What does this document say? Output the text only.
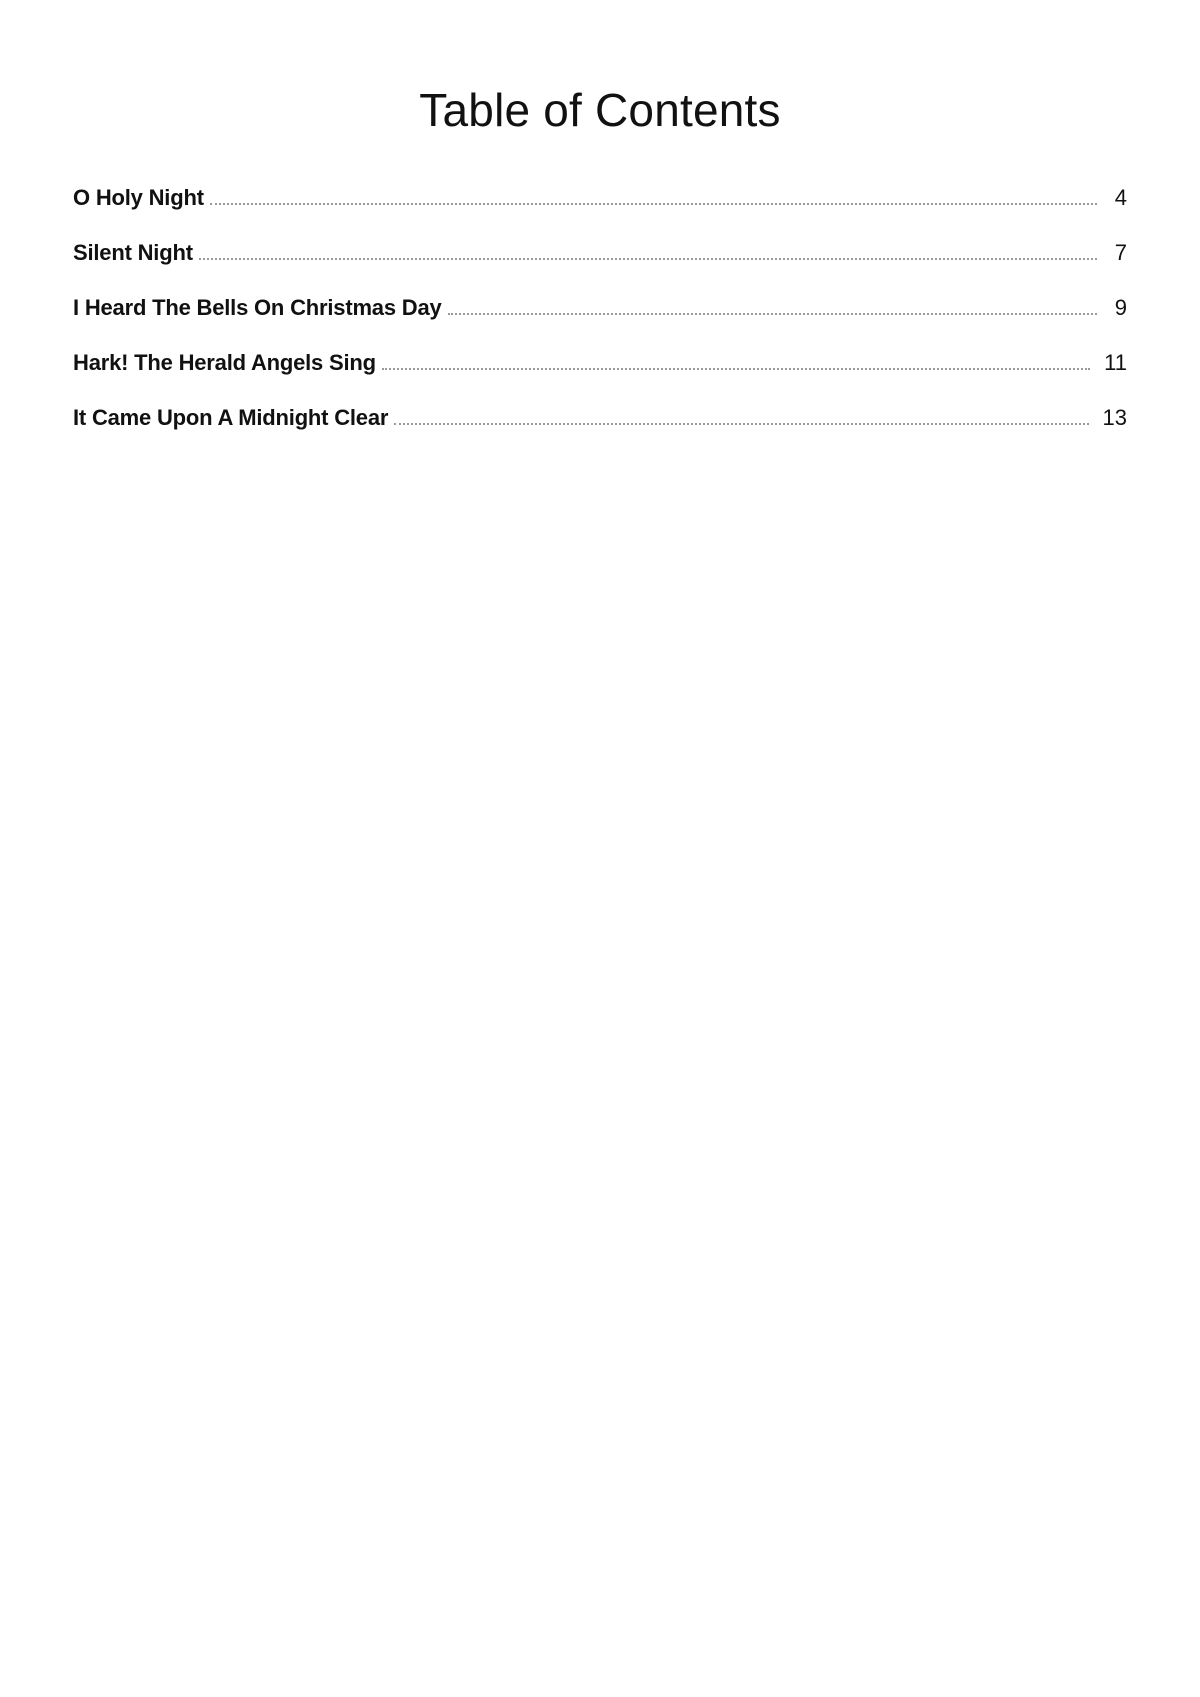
Table of Contents
O Holy Night	4
Silent Night	7
I Heard The Bells On Christmas Day	9
Hark! The Herald Angels Sing	11
It Came Upon A Midnight Clear	13
